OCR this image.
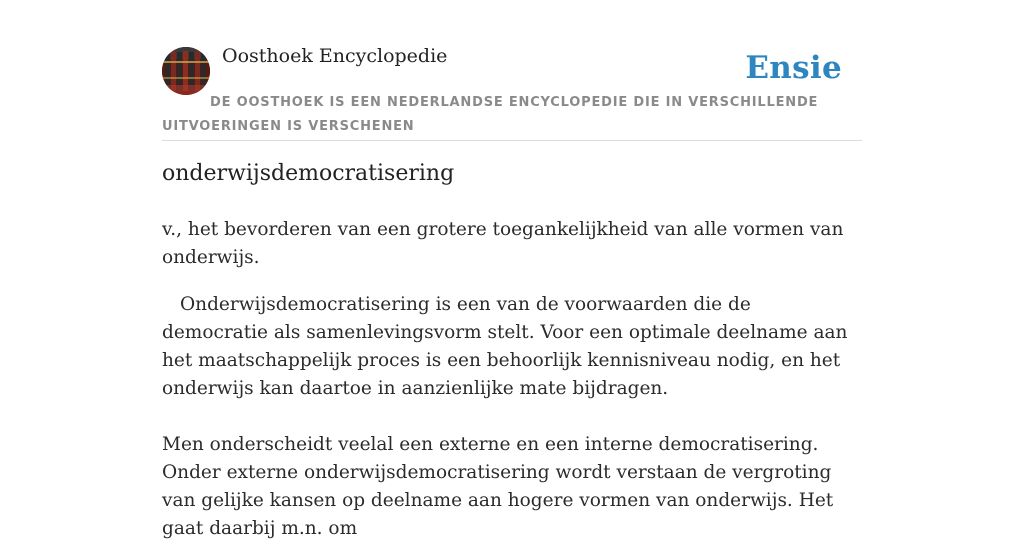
Oosthoek Encyclopedie	Ensie
DE OOSTHOEK IS EEN NEDERLANDSE ENCYCLOPEDIE DIE IN VERSCHILLENDE UITVOERINGEN IS VERSCHENEN
onderwijsdemocratisering

v., het bevorderen van een grotere toegankelijkheid van alle vormen van onderwijs.

Onderwijsdemocratisering is een van de voorwaarden die de democratie als samenlevingsvorm stelt. Voor een optimale deelname aan het maatschappelijk proces is een behoorlijk kennisniveau nodig, en het onderwijs kan daartoe in aanzienlijke mate bijdragen.

Men onderscheidt veelal een externe en een interne democratisering. Onder externe onderwijsdemocratisering wordt verstaan de vergroting van gelijke kansen op deelname aan hogere vormen van onderwijs. Het gaat daarbij m.n. om
